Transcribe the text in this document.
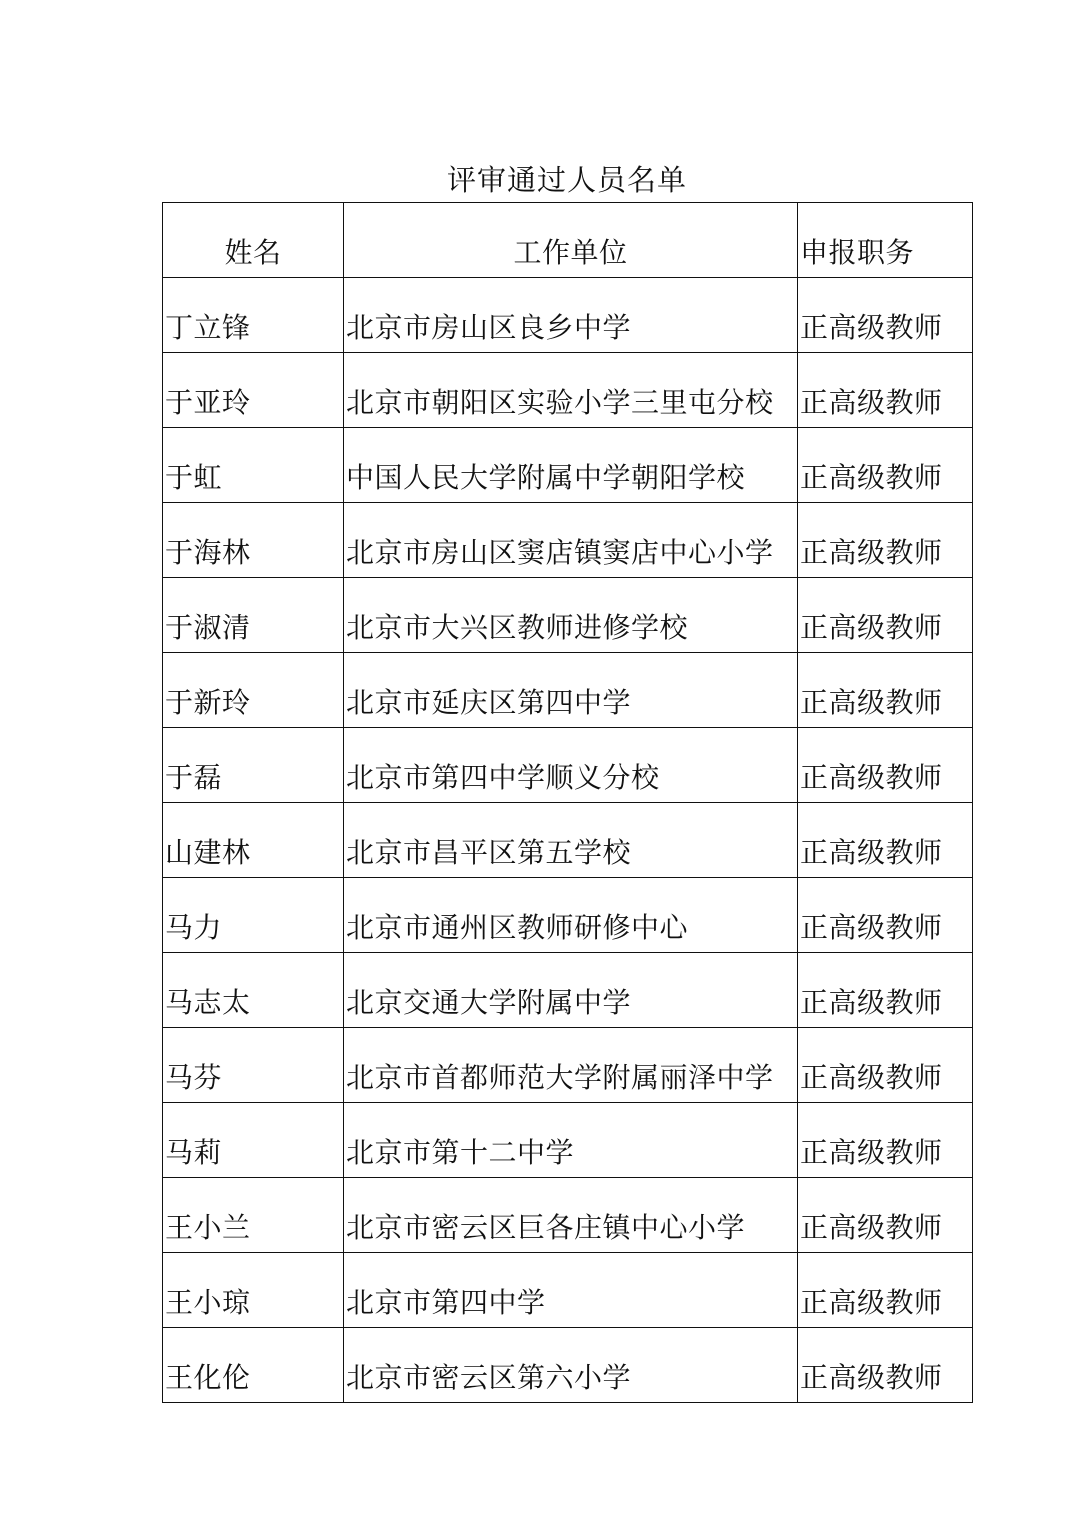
评审通过人员名单
姓名	工作单位	申报职务
丁立锋	北京市房山区良乡中学	正高级教师
于亚玲	北京市朝阳区实验小学三里屯分校	正高级教师
于虹	中国人民大学附属中学朝阳学校	正高级教师
于海林	北京市房山区窦店镇窦店中心小学	正高级教师
于淑清	北京市大兴区教师进修学校	正高级教师
于新玲	北京市延庆区第四中学	正高级教师
于磊	北京市第四中学顺义分校	正高级教师
山建林	北京市昌平区第五学校	正高级教师
马力	北京市通州区教师研修中心	正高级教师
马志太	北京交通大学附属中学	正高级教师
马芬	北京市首都师范大学附属丽泽中学	正高级教师
马莉	北京市第十二中学	正高级教师
王小兰	北京市密云区巨各庄镇中心小学	正高级教师
王小琼	北京市第四中学	正高级教师
王化伦	北京市密云区第六小学	正高级教师
